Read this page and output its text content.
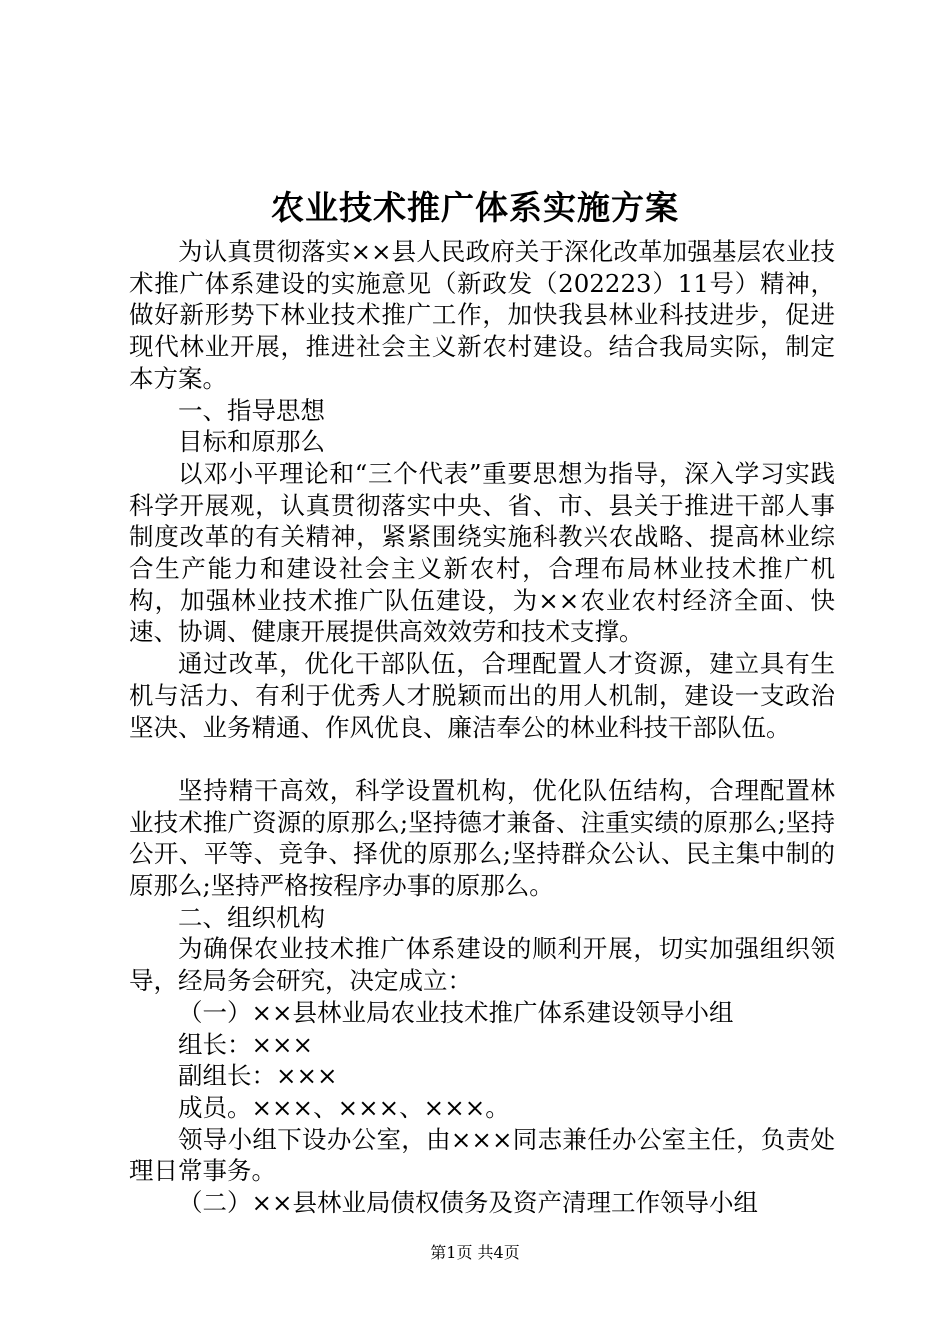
农业技术推广体系实施方案

为认真贯彻落实××县人民政府关于深化改革加强基层农业技术推广体系建设的实施意见（新政发（202223）11号）精神，做好新形势下林业技术推广工作，加快我县林业科技进步，促进现代林业开展，推进社会主义新农村建设。结合我局实际，制定本方案。

一、指导思想

目标和原那么

以邓小平理论和“三个代表”重要思想为指导，深入学习实践科学开展观，认真贯彻落实中央、省、市、县关于推进干部人事制度改革的有关精神，紧紧围绕实施科教兴农战略、提高林业综合生产能力和建设社会主义新农村，合理布局林业技术推广机构，加强林业技术推广队伍建设，为××农业农村经济全面、快速、协调、健康开展提供高效效劳和技术支撑。

通过改革，优化干部队伍，合理配置人才资源，建立具有生机与活力、有利于优秀人才脱颖而出的用人机制，建设一支政治坚决、业务精通、作风优良、廉洁奉公的林业科技干部队伍。

坚持精干高效，科学设置机构，优化队伍结构，合理配置林业技术推广资源的原那么;坚持德才兼备、注重实绩的原那么;坚持公开、平等、竞争、择优的原那么;坚持群众公认、民主集中制的原那么;坚持严格按程序办事的原那么。

二、组织机构

为确保农业技术推广体系建设的顺利开展，切实加强组织领导，经局务会研究，决定成立：

（一）××县林业局农业技术推广体系建设领导小组

组长：×××

副组长：×××

成员。×××、×××、×××。

领导小组下设办公室，由×××同志兼任办公室主任，负责处理日常事务。

（二）××县林业局债权债务及资产清理工作领导小组

第1页 共4页
